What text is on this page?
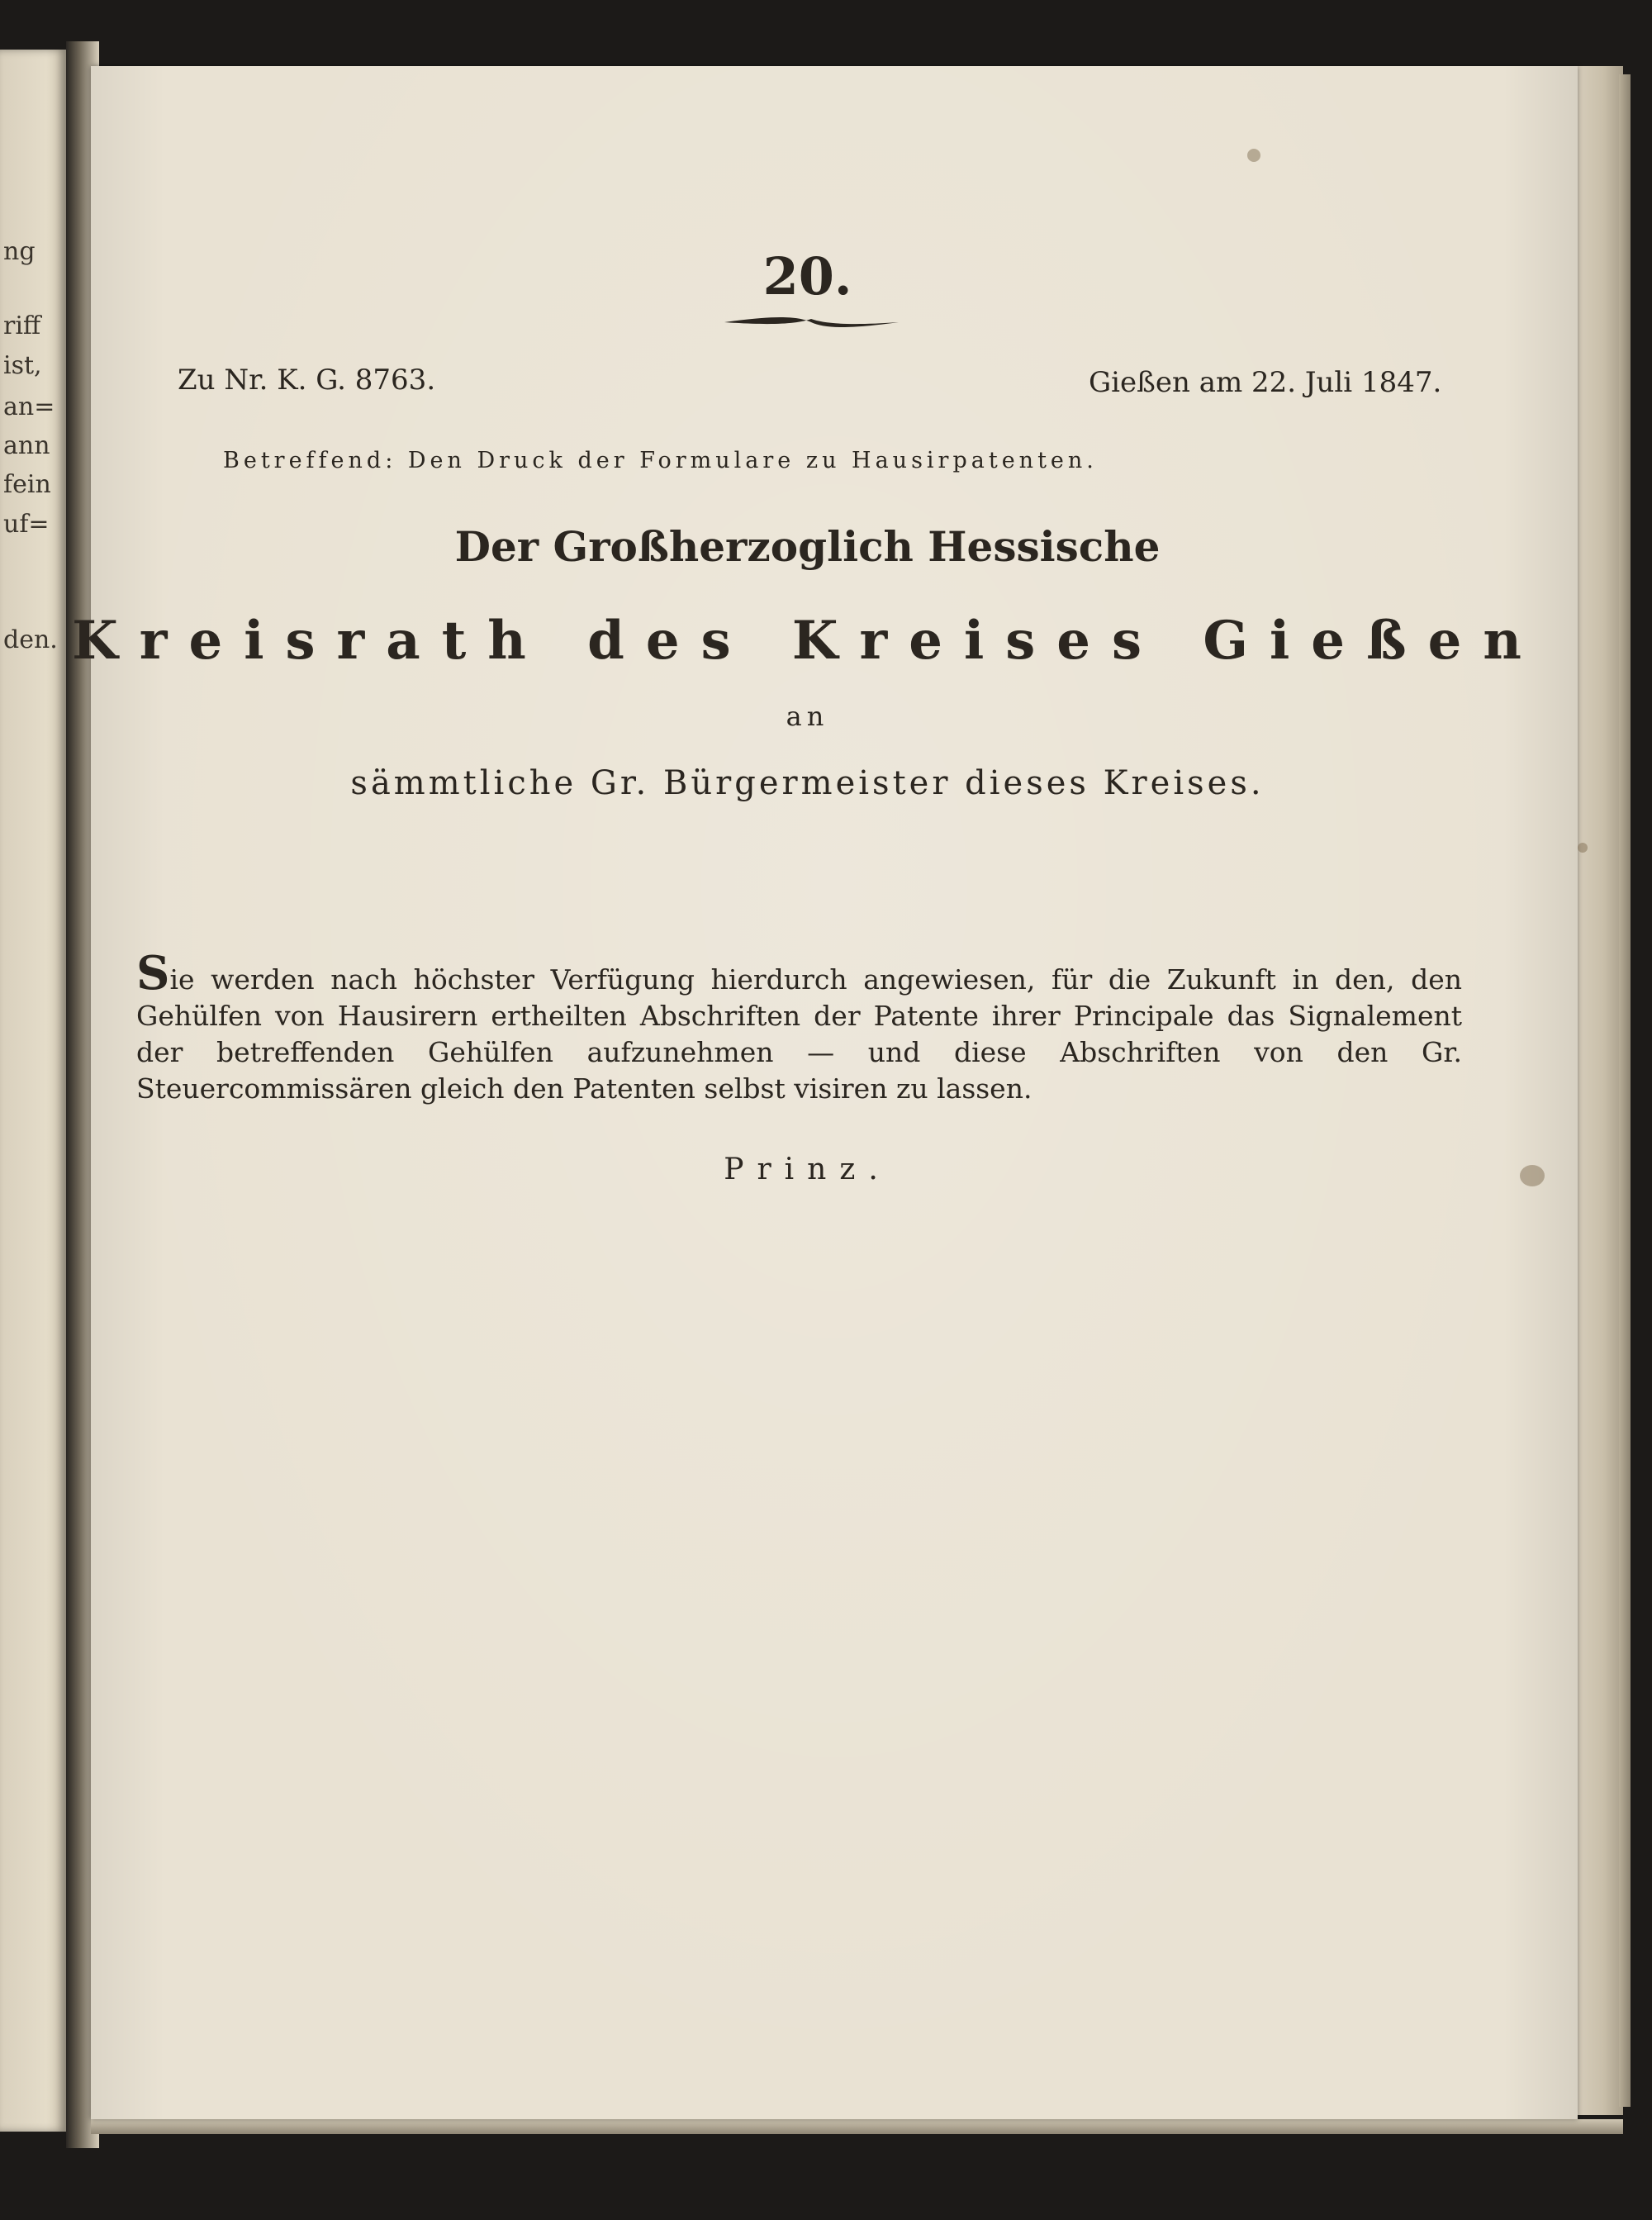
ng
riff
ist,
an=
ann
fein
uf=
den.

20.

Zu Nr. K. G. 8763.	Gießen am 22. Juli 1847.

Betreffend: Den Druck der Formulare zu Hausirpatenten.

Der Großherzoglich Hessische

Kreisrath des Kreises Gießen

an

sämmtliche Gr. Bürgermeister dieses Kreises.

Sie werden nach höchster Verfügung hierdurch angewiesen, für die Zukunft in den, den Gehülfen von Hausirern ertheilten Abschriften der Patente ihrer Principale das Signalement der betreffenden Gehülfen aufzunehmen — und diese Abschriften von den Gr. Steuercommissären gleich den Patenten selbst visiren zu lassen.

Prinz.
